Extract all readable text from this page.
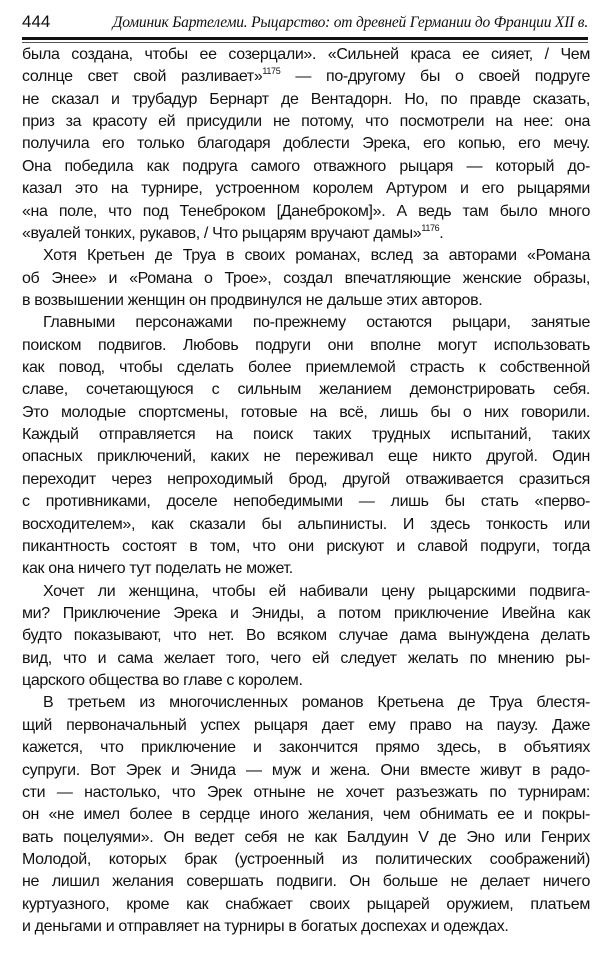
444	Доминик Бартелеми. Рыцарство: от древней Германии до Франции XII в.
была создана, чтобы ее созерцали». «Сильней краса ее сияет, / Чем
солнце свет свой разливает»$^{1175}$ — по-другому бы о своей подруге
не сказал и трубадур Бернарт де Вентадорн. Но, по правде сказать,
приз за красоту ей присудили не потому, что посмотрели на нее: она
получила его только благодаря доблести Эрека, его копью, его мечу.
Она победила как подруга самого отважного рыцаря — который до-
казал это на турнире, устроенном королем Артуром и его рыцарями
«на поле, что под Тенеброком [Данеброком]». А ведь там было много
«вуалей тонких, рукавов, / Что рыцарям вручают дамы»$^{1176}$.
Хотя Кретьен де Труа в своих романах, вслед за авторами «Романа
об Энее» и «Романа о Трое», создал впечатляющие женские образы,
в возвышении женщин он продвинулся не дальше этих авторов.
Главными персонажами по-прежнему остаются рыцари, занятые
поиском подвигов. Любовь подруги они вполне могут использовать
как повод, чтобы сделать более приемлемой страсть к собственной
славе, сочетающуюся с сильным желанием демонстрировать себя.
Это молодые спортсмены, готовые на всё, лишь бы о них говорили.
Каждый отправляется на поиск таких трудных испытаний, таких
опасных приключений, каких не переживал еще никто другой. Один
переходит через непроходимый брод, другой отваживается сразиться
с противниками, доселе непобедимыми — лишь бы стать «перво-
восходителем», как сказали бы альпинисты. И здесь тонкость или
пикантность состоят в том, что они рискуют и славой подруги, тогда
как она ничего тут поделать не может.
Хочет ли женщина, чтобы ей набивали цену рыцарскими подвига-
ми? Приключение Эрека и Эниды, а потом приключение Ивейна как
будто показывают, что нет. Во всяком случае дама вынуждена делать
вид, что и сама желает того, чего ей следует желать по мнению ры-
царского общества во главе с королем.
В третьем из многочисленных романов Кретьена де Труа блестя-
щий первоначальный успех рыцаря дает ему право на паузу. Даже
кажется, что приключение и закончится прямо здесь, в объятиях
супруги. Вот Эрек и Энида — муж и жена. Они вместе живут в радо-
сти — настолько, что Эрек отныне не хочет разъезжать по турнирам:
он «не имел более в сердце иного желания, чем обнимать ее и покры-
вать поцелуями». Он ведет себя не как Балдуин V де Эно или Генрих
Молодой, которых брак (устроенный из политических соображений)
не лишил желания совершать подвиги. Он больше не делает ничего
куртуазного, кроме как снабжает своих рыцарей оружием, платьем
и деньгами и отправляет на турниры в богатых доспехах и одеждах.
